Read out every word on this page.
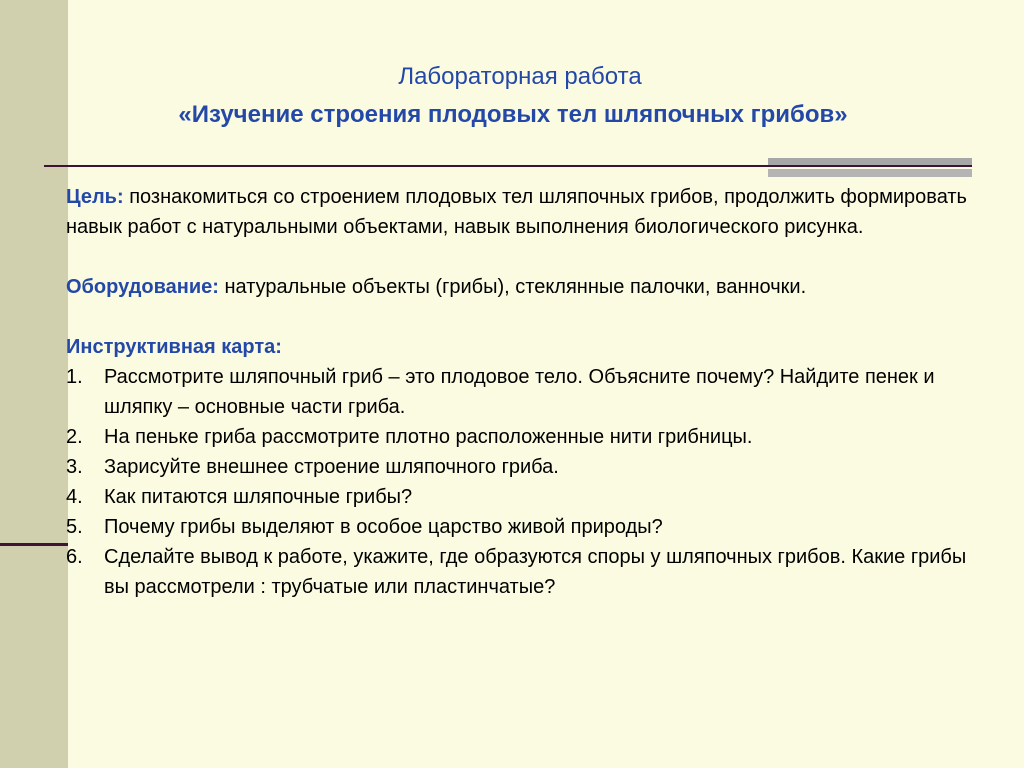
Лабораторная работа
«Изучение строения плодовых тел шляпочных грибов»

Цель: познакомиться со строением плодовых тел шляпочных грибов, продолжить формировать навык работ с натуральными объектами, навык выполнения биологического рисунка.

Оборудование: натуральные объекты (грибы), стеклянные палочки, ванночки.

Инструктивная карта:

1. Рассмотрите шляпочный гриб – это плодовое тело. Объясните почему? Найдите пенек и шляпку – основные части гриба.
2. На пеньке гриба рассмотрите плотно расположенные нити грибницы.
3. Зарисуйте внешнее строение шляпочного гриба.
4. Как питаются шляпочные грибы?
5. Почему грибы выделяют в особое царство живой природы?
6. Сделайте вывод к работе, укажите, где образуются споры у шляпочных грибов. Какие грибы вы рассмотрели : трубчатые или пластинчатые?
